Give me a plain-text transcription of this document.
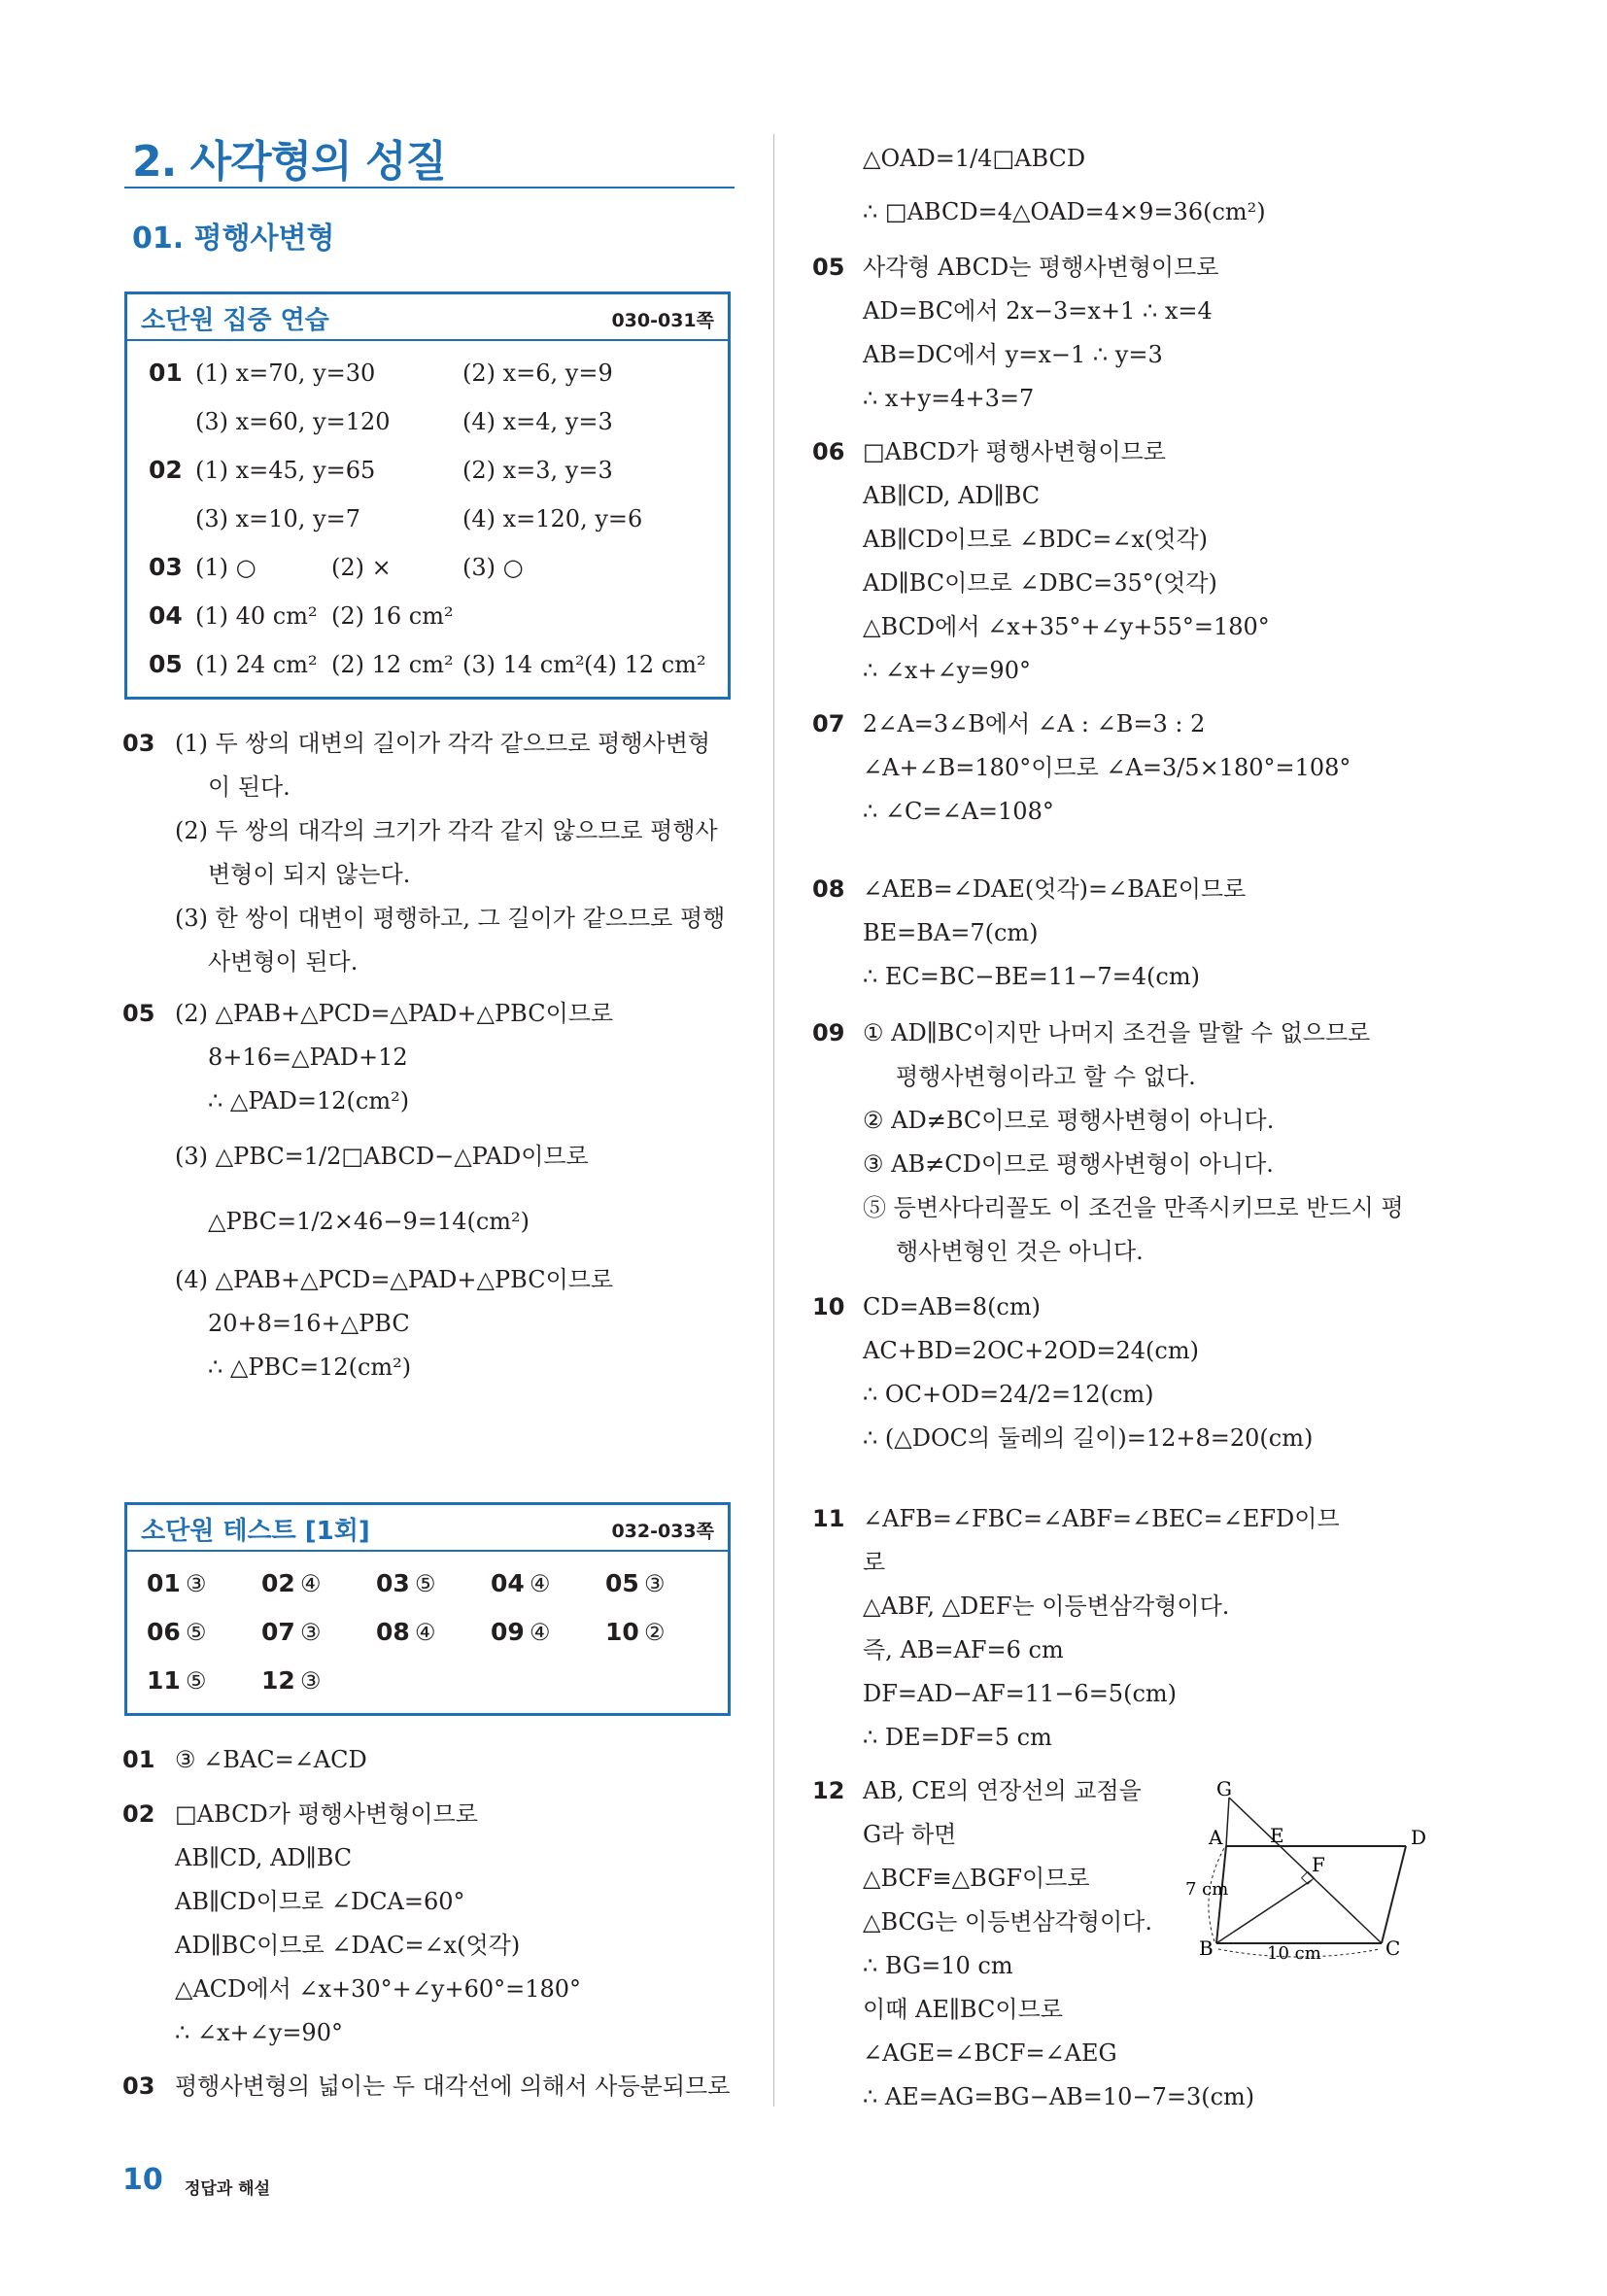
2. 사각형의 성질
01. 평행사변형
소단원 집중 연습	030-031쪽
01 (1) x=70, y=30	(2) x=6, y=9
(3) x=60, y=120	(4) x=4, y=3
02 (1) x=45, y=65	(2) x=3, y=3
(3) x=10, y=7	(4) x=120, y=6
03 (1) ○	(2) ×	(3) ○
04 (1) 40 cm² (2) 16 cm²
05 (1) 24 cm² (2) 12 cm² (3) 14 cm² (4) 12 cm²
03 (1) 두 쌍의 대변의 길이가 각각 같으므로 평행사변형
이 된다.
(2) 두 쌍의 대각의 크기가 각각 같지 않으므로 평행사
변형이 되지 않는다.
(3) 한 쌍이 대변이 평행하고, 그 길이가 같으므로 평행
사변형이 된다.
05 (2) △PAB+△PCD=△PAD+△PBC이므로
8+16=△PAD+12
∴ △PAD=12(cm²)
(3) △PBC=1/2□ABCD−△PAD이므로
△PBC=1/2×46−9=14(cm²)
(4) △PAB+△PCD=△PAD+△PBC이므로
20+8=16+△PBC
∴ △PBC=12(cm²)
소단원 테스트 [1회]	032-033쪽
01 ③ 02 ④ 03 ⑤ 04 ④ 05 ③
06 ⑤ 07 ③ 08 ④ 09 ④ 10 ②
11 ⑤ 12 ③
01 ③ ∠BAC=∠ACD
02 □ABCD가 평행사변형이므로
AB∥CD, AD∥BC
AB∥CD이므로 ∠DCA=60°
AD∥BC이므로 ∠DAC=∠x(엇각)
△ACD에서 ∠x+30°+∠y+60°=180°
∴ ∠x+∠y=90°
03 평행사변형의 넓이는 두 대각선에 의해서 사등분되므로
△OAD=1/4□ABCD
∴ □ABCD=4△OAD=4×9=36(cm²)
05 사각형 ABCD는 평행사변형이므로
AD=BC에서 2x−3=x+1 ∴ x=4
AB=DC에서 y=x−1 ∴ y=3
∴ x+y=4+3=7
06 □ABCD가 평행사변형이므로
AB∥CD, AD∥BC
AB∥CD이므로 ∠BDC=∠x(엇각)
AD∥BC이므로 ∠DBC=35°(엇각)
△BCD에서 ∠x+35°+∠y+55°=180°
∴ ∠x+∠y=90°
07 2∠A=3∠B에서 ∠A : ∠B=3 : 2
∠A+∠B=180°이므로 ∠A=3/5×180°=108°
∴ ∠C=∠A=108°
08 ∠AEB=∠DAE(엇각)=∠BAE이므로
BE=BA=7(cm)
∴ EC=BC−BE=11−7=4(cm)
09 ① AD∥BC이지만 나머지 조건을 말할 수 없으므로
평행사변형이라고 할 수 없다.
② AD≠BC이므로 평행사변형이 아니다.
③ AB≠CD이므로 평행사변형이 아니다.
⑤ 등변사다리꼴도 이 조건을 만족시키므로 반드시 평
행사변형인 것은 아니다.
10 CD=AB=8(cm)
AC+BD=2OC+2OD=24(cm)
∴ OC+OD=24/2=12(cm)
∴ (△DOC의 둘레의 길이)=12+8=20(cm)
11 ∠AFB=∠FBC=∠ABF=∠BEC=∠EFD이므
로
△ABF, △DEF는 이등변삼각형이다.
즉, AB=AF=6 cm
DF=AD−AF=11−6=5(cm)
∴ DE=DF=5 cm
12 AB, CE의 연장선의 교점을
G라 하면
△BCF≡△BGF이므로
△BCG는 이등변삼각형이다.
∴ BG=10 cm
이때 AE∥BC이므로
∠AGE=∠BCF=∠AEG
∴ AE=AG=BG−AB=10−7=3(cm)
G
A E	D
F
B	C
7 cm
10 cm
10 정답과 해설
